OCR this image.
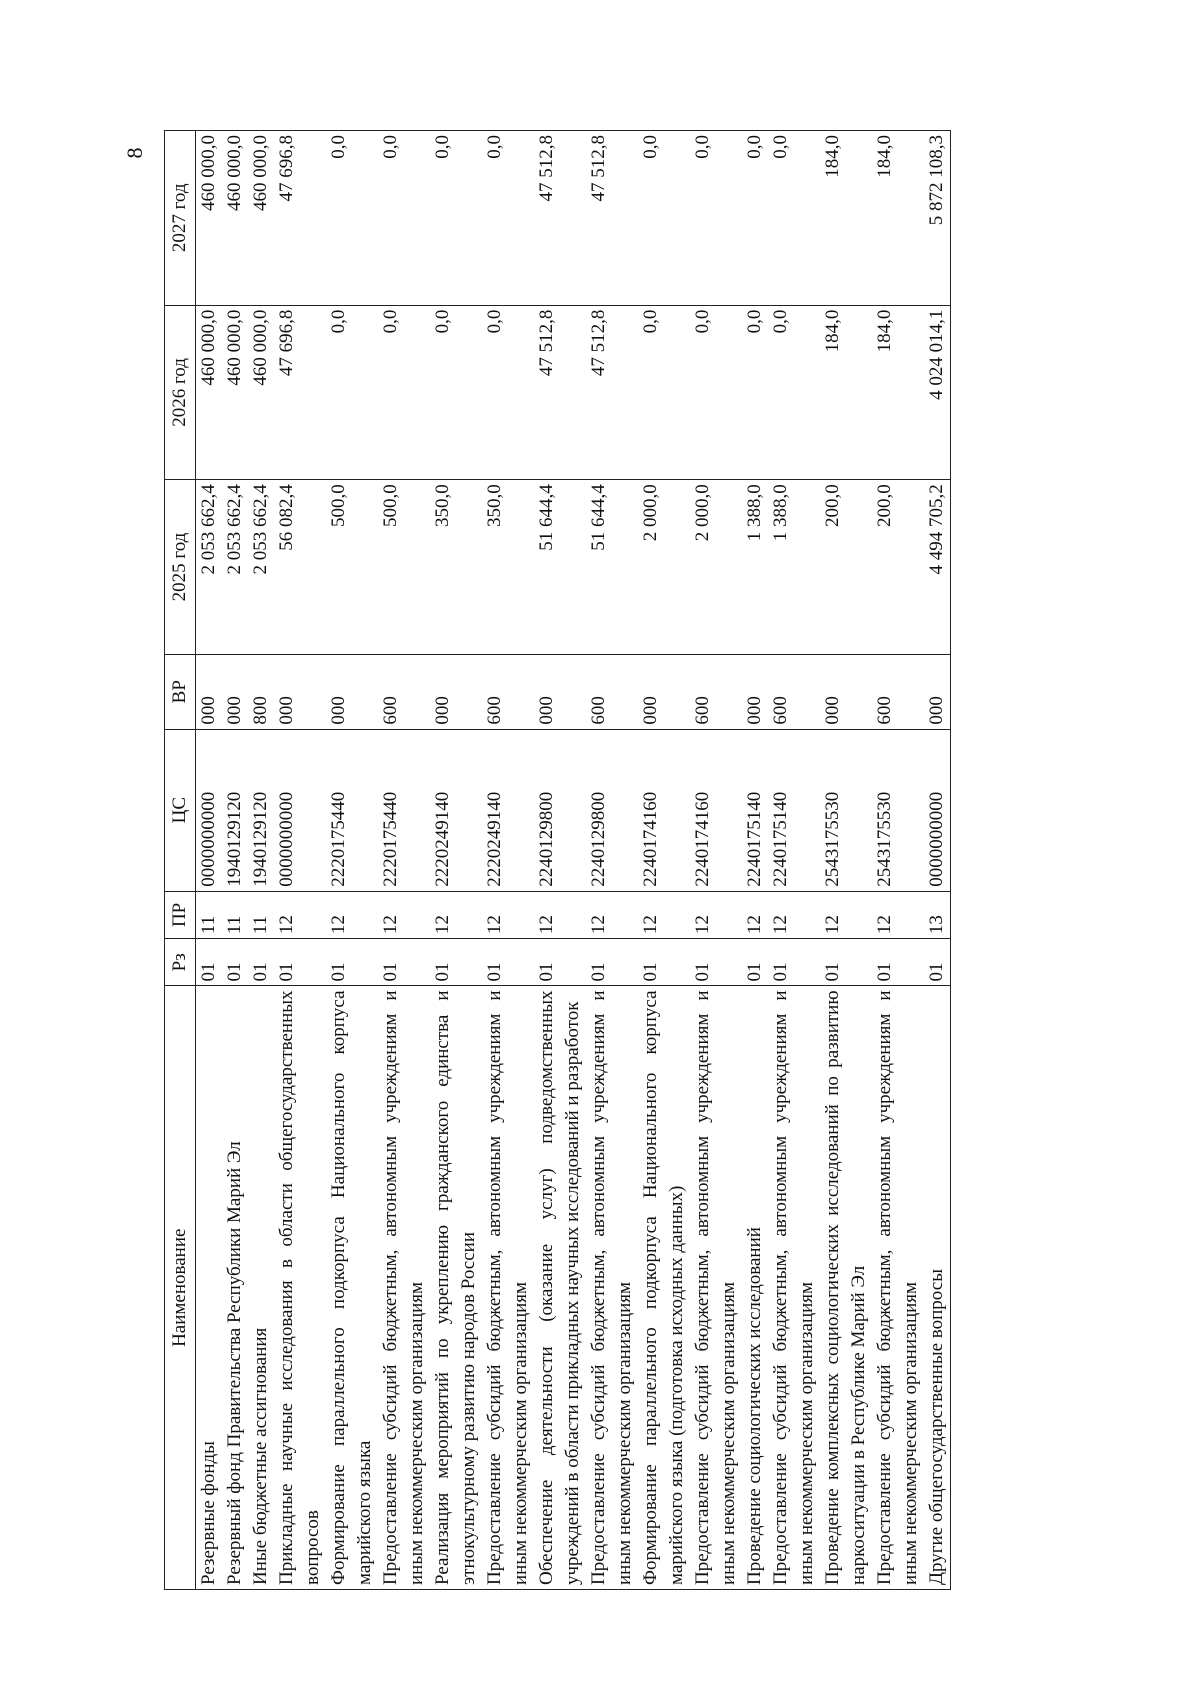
8
Наименование	Рз	ПР	ЦС	ВР	2025 год	2026 год	2027 год
Резервные фонды	01	11	0000000000	000	2 053 662,4	460 000,0	460 000,0
Резервный фонд Правительства Республики Марий Эл	01	11	1940129120	000	2 053 662,4	460 000,0	460 000,0
Иные бюджетные ассигнования	01	11	1940129120	800	2 053 662,4	460 000,0	460 000,0
Прикладные научные исследования в области общегосударственных вопросов	01	12	0000000000	000	56 082,4	47 696,8	47 696,8
Формирование параллельного подкорпуса Национального корпуса марийского языка	01	12	2220175440	000	500,0	0,0	0,0
Предоставление субсидий бюджетным, автономным учреждениям и иным некоммерческим организациям	01	12	2220175440	600	500,0	0,0	0,0
Реализация мероприятий по укреплению гражданского единства и этнокультурному развитию народов России	01	12	2220249140	000	350,0	0,0	0,0
Предоставление субсидий бюджетным, автономным учреждениям и иным некоммерческим организациям	01	12	2220249140	600	350,0	0,0	0,0
Обеспечение деятельности (оказание услуг) подведомственных учреждений в области прикладных научных исследований и разработок	01	12	2240129800	000	51 644,4	47 512,8	47 512,8
Предоставление субсидий бюджетным, автономным учреждениям и иным некоммерческим организациям	01	12	2240129800	600	51 644,4	47 512,8	47 512,8
Формирование параллельного подкорпуса Национального корпуса марийского языка (подготовка исходных данных)	01	12	2240174160	000	2 000,0	0,0	0,0
Предоставление субсидий бюджетным, автономным учреждениям и иным некоммерческим организациям	01	12	2240174160	600	2 000,0	0,0	0,0
Проведение социологических исследований	01	12	2240175140	000	1 388,0	0,0	0,0
Предоставление субсидий бюджетным, автономным учреждениям и иным некоммерческим организациям	01	12	2240175140	600	1 388,0	0,0	0,0
Проведение комплексных социологических исследований по развитию наркоситуации в Республике Марий Эл	01	12	2543175530	000	200,0	184,0	184,0
Предоставление субсидий бюджетным, автономным учреждениям и иным некоммерческим организациям	01	12	2543175530	600	200,0	184,0	184,0
Другие общегосударственные вопросы	01	13	0000000000	000	4 494 705,2	4 024 014,1	5 872 108,3
